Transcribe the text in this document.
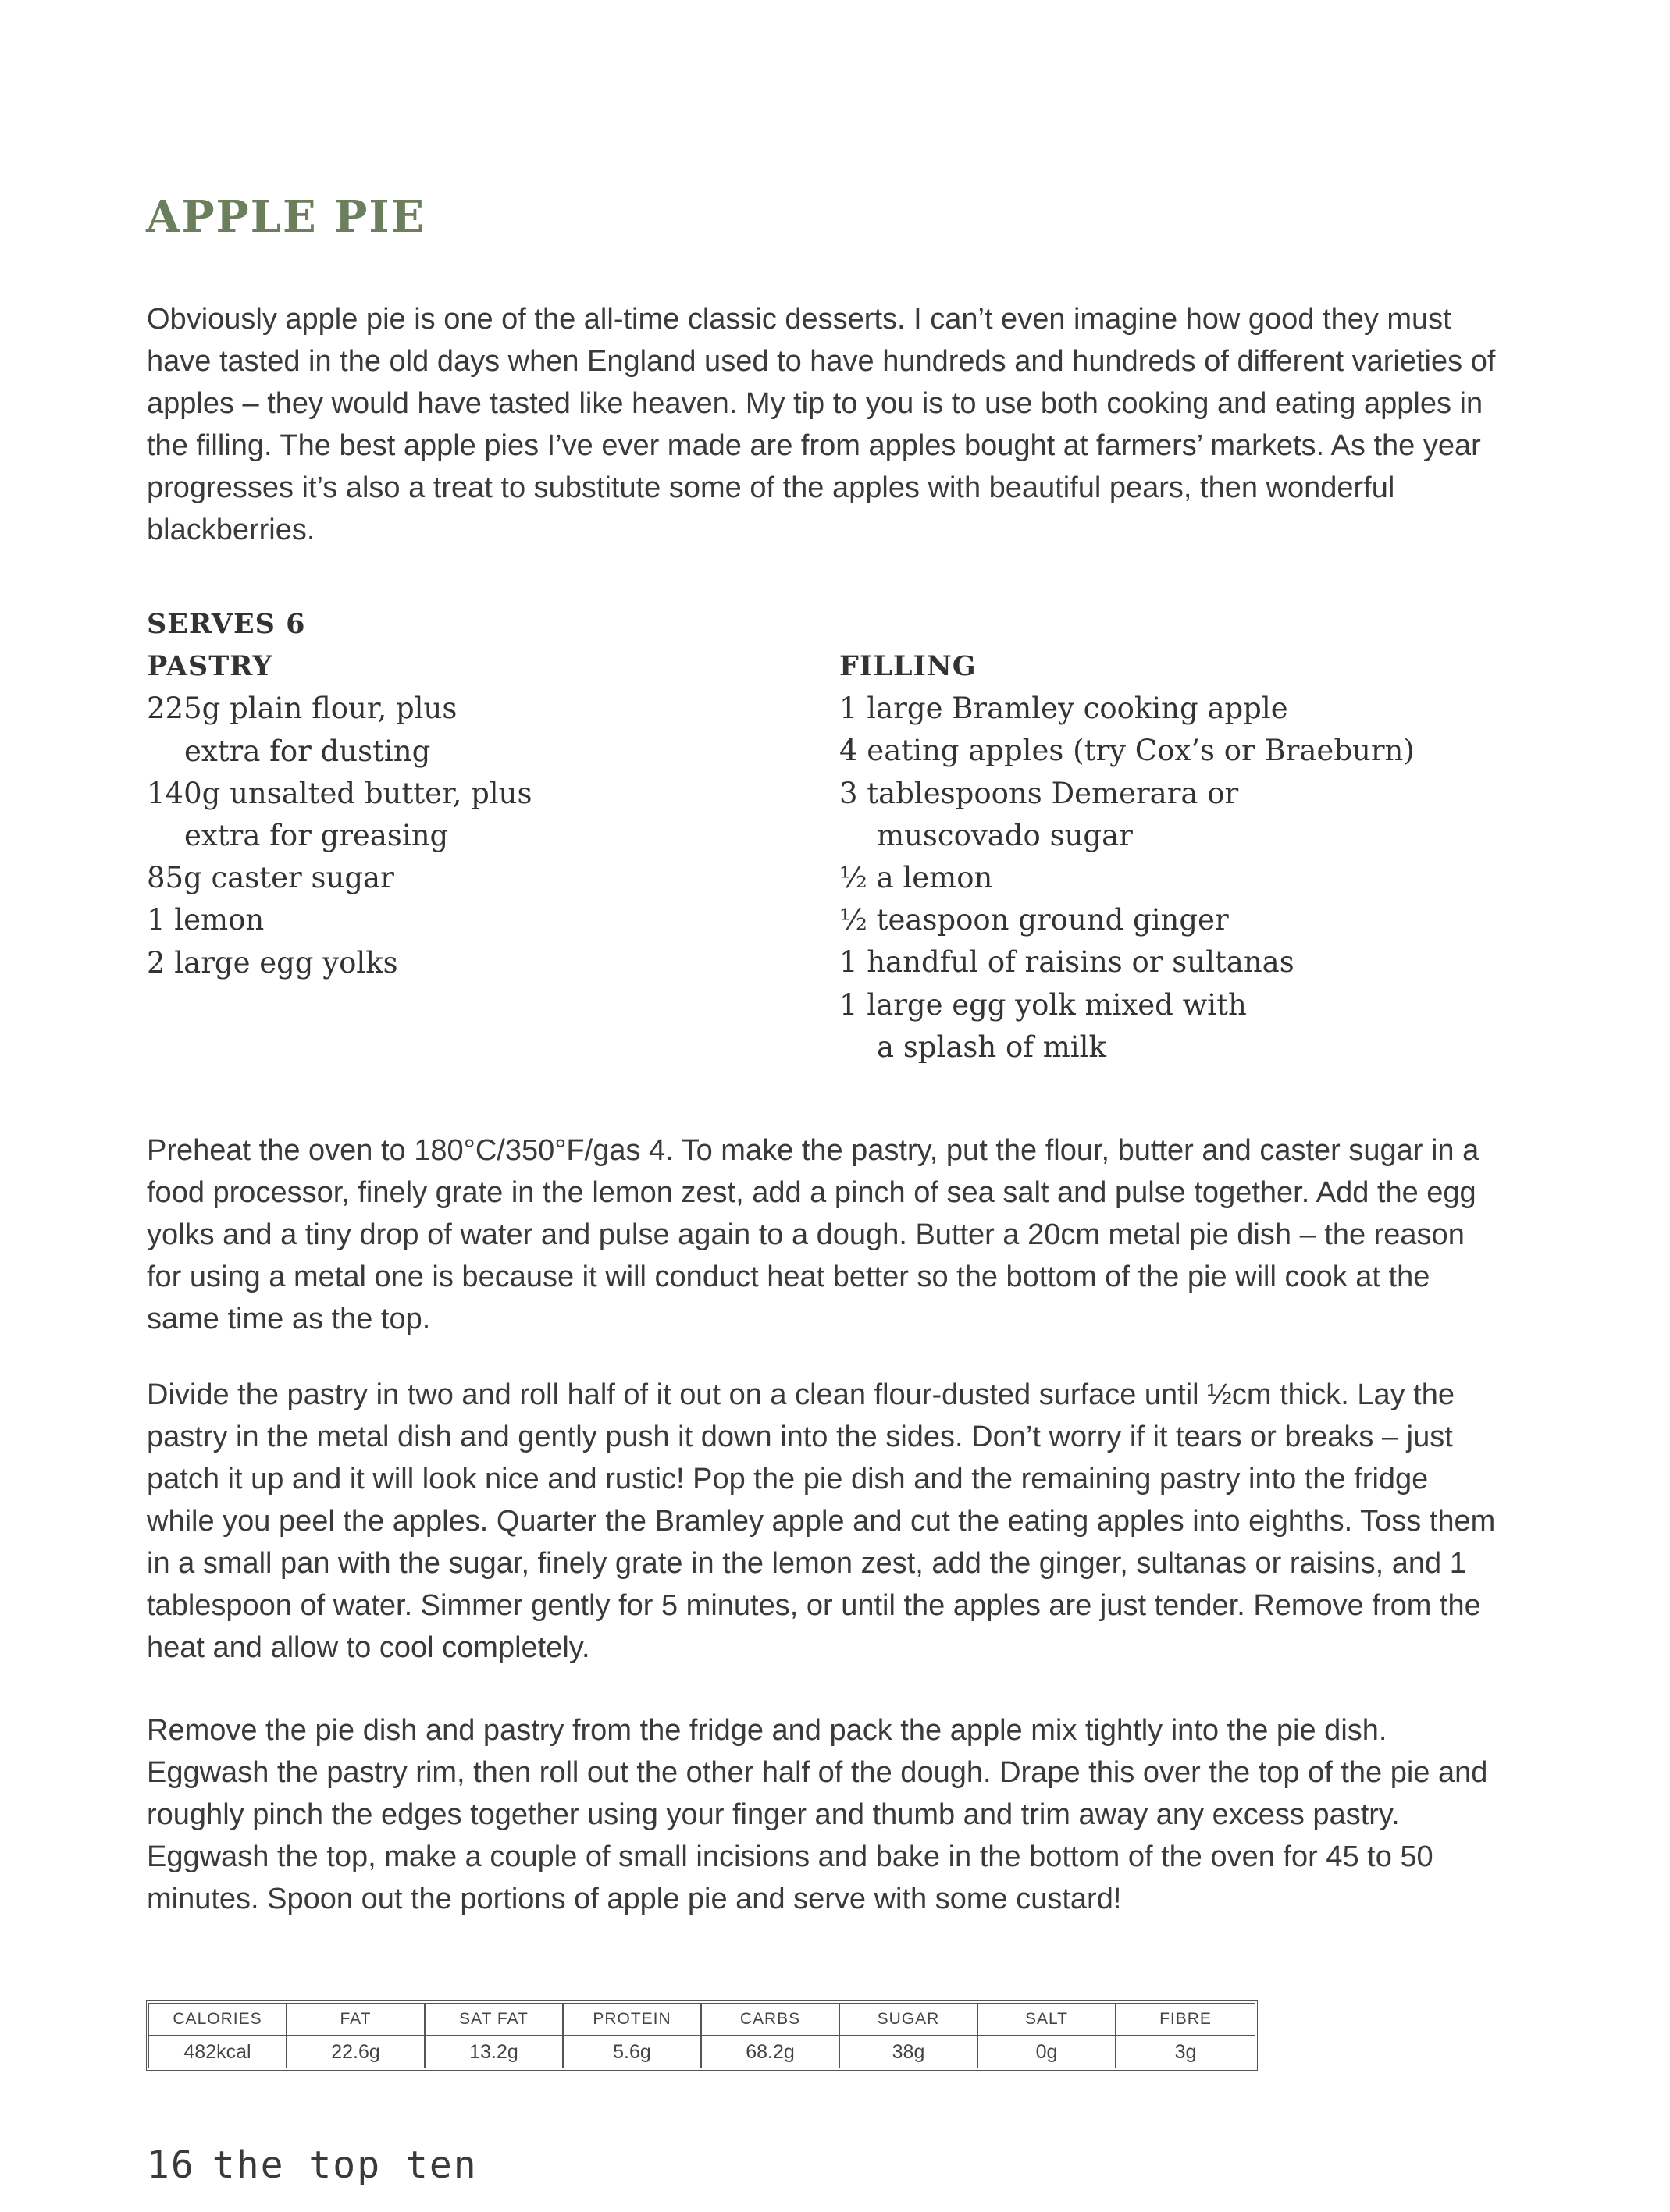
APPLE PIE

Obviously apple pie is one of the all-time classic desserts. I can’t even imagine how good they must have tasted in the old days when England used to have hundreds and hundreds of different varieties of apples – they would have tasted like heaven. My tip to you is to use both cooking and eating apples in the filling. The best apple pies I’ve ever made are from apples bought at farmers’ markets. As the year progresses it’s also a treat to substitute some of the apples with beautiful pears, then wonderful blackberries.

SERVES 6
PASTRY
225g plain flour, plus
extra for dusting
140g unsalted butter, plus
extra for greasing
85g caster sugar
1 lemon
2 large egg yolks
FILLING
1 large Bramley cooking apple
4 eating apples (try Cox’s or Braeburn)
3 tablespoons Demerara or
muscovado sugar
½ a lemon
½ teaspoon ground ginger
1 handful of raisins or sultanas
1 large egg yolk mixed with
a splash of milk

Preheat the oven to 180°C/350°F/gas 4. To make the pastry, put the flour, butter and caster sugar in a food processor, finely grate in the lemon zest, add a pinch of sea salt and pulse together. Add the egg yolks and a tiny drop of water and pulse again to a dough. Butter a 20cm metal pie dish – the reason for using a metal one is because it will conduct heat better so the bottom of the pie will cook at the same time as the top.

Divide the pastry in two and roll half of it out on a clean flour-dusted surface until ½cm thick. Lay the pastry in the metal dish and gently push it down into the sides. Don’t worry if it tears or breaks – just patch it up and it will look nice and rustic! Pop the pie dish and the remaining pastry into the fridge while you peel the apples. Quarter the Bramley apple and cut the eating apples into eighths. Toss them in a small pan with the sugar, finely grate in the lemon zest, add the ginger, sultanas or raisins, and 1 tablespoon of water. Simmer gently for 5 minutes, or until the apples are just tender. Remove from the heat and allow to cool completely.

Remove the pie dish and pastry from the fridge and pack the apple mix tightly into the pie dish. Eggwash the pastry rim, then roll out the other half of the dough. Drape this over the top of the pie and roughly pinch the edges together using your finger and thumb and trim away any excess pastry. Eggwash the top, make a couple of small incisions and bake in the bottom of the oven for 45 to 50 minutes. Spoon out the portions of apple pie and serve with some custard!

CALORIES	FAT	SAT FAT	PROTEIN	CARBS	SUGAR	SALT	FIBRE
482kcal	22.6g	13.2g	5.6g	68.2g	38g	0g	3g
16 the top ten
